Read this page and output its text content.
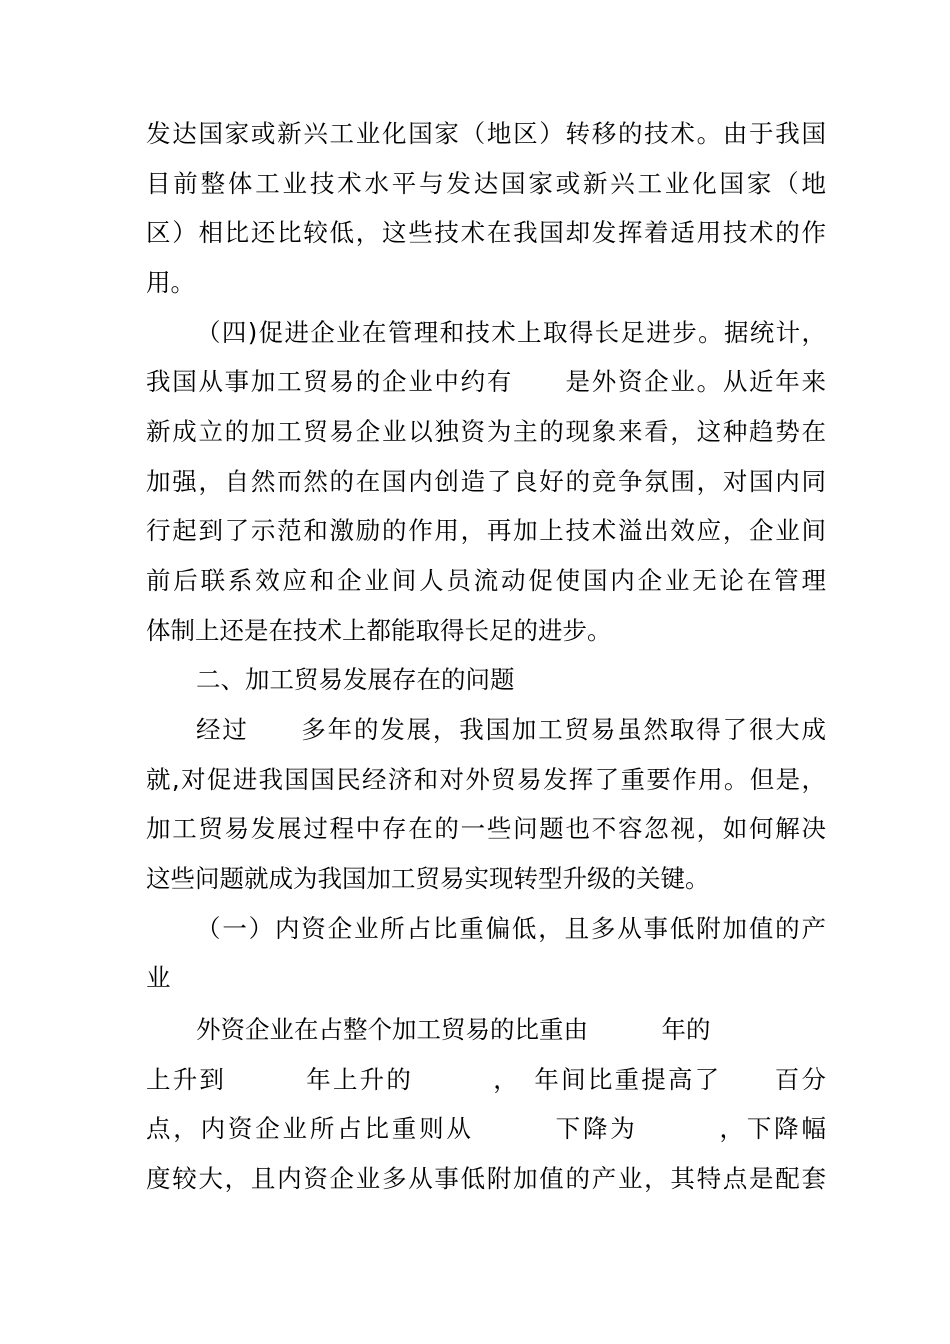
发达国家或新兴工业化国家（地区）转移的技术。由于我国
目前整体工业技术水平与发达国家或新兴工业化国家（地
区）相比还比较低，这些技术在我国却发挥着适用技术的作
用。
（四)促进企业在管理和技术上取得长足进步。据统计，
我国从事加工贸易的企业中约有　　是外资企业。从近年来
新成立的加工贸易企业以独资为主的现象来看，这种趋势在
加强，自然而然的在国内创造了良好的竞争氛围，对国内同
行起到了示范和激励的作用，再加上技术溢出效应，企业间
前后联系效应和企业间人员流动促使国内企业无论在管理
体制上还是在技术上都能取得长足的进步。
二、加工贸易发展存在的问题
经过　　多年的发展，我国加工贸易虽然取得了很大成
就,对促进我国国民经济和对外贸易发挥了重要作用。但是，
加工贸易发展过程中存在的一些问题也不容忽视，如何解决
这些问题就成为我国加工贸易实现转型升级的关键。
（一）内资企业所占比重偏低，且多从事低附加值的产
业
外资企业在占整个加工贸易的比重由　　　年的
上升到　　　年上升的　　　，　年间比重提高了　　百分
点，内资企业所占比重则从　　　下降为　　　，下降幅
度较大，且内资企业多从事低附加值的产业，其特点是配套
